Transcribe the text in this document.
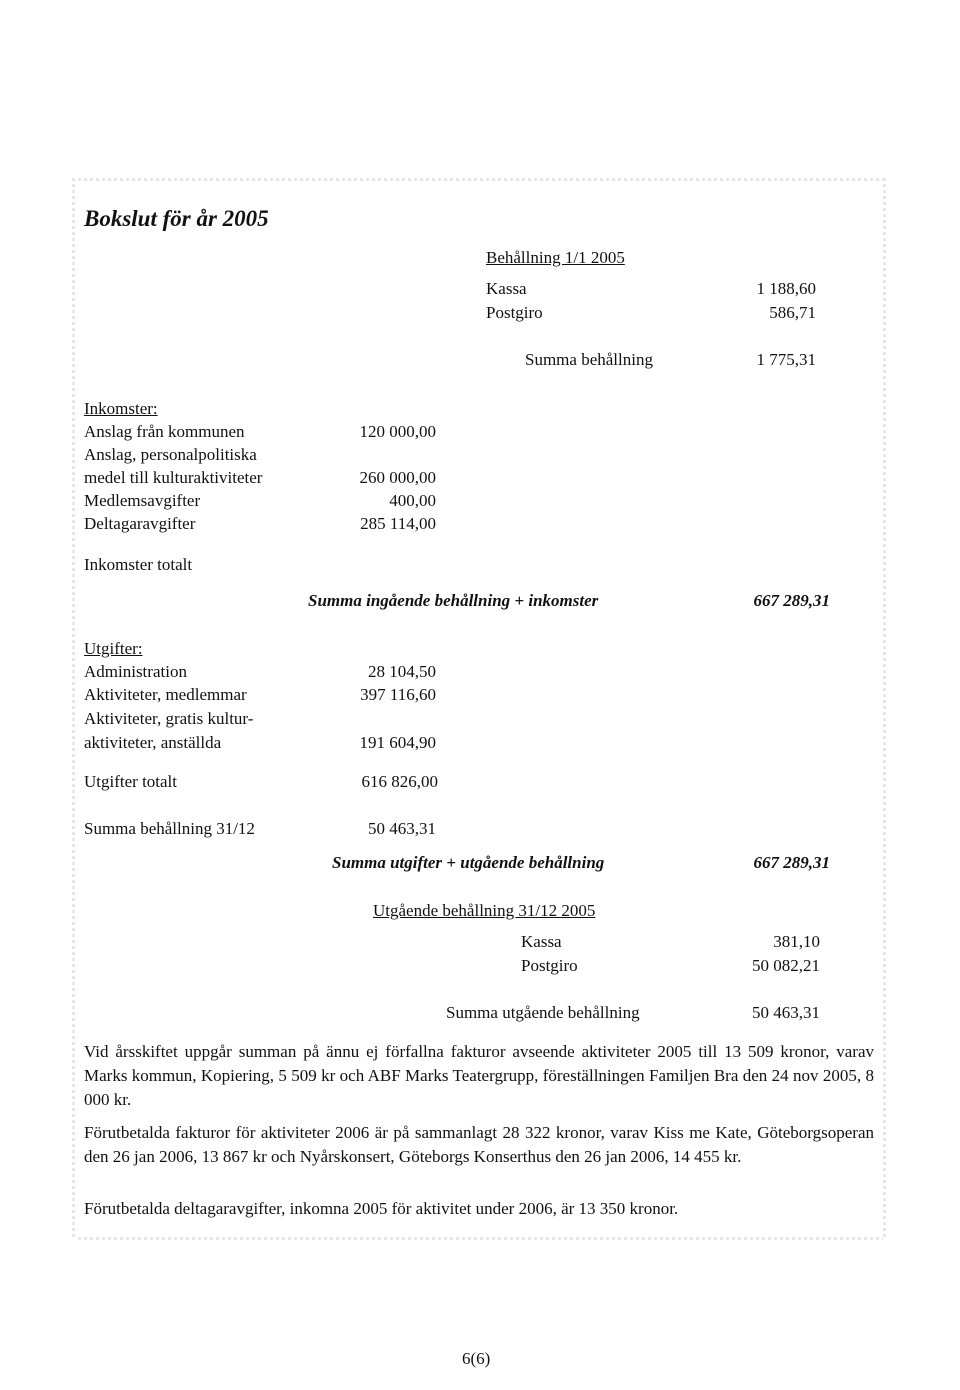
Bokslut för år 2005
Behållning 1/1 2005
Kassa	1 188,60
Postgiro	586,71
Summa behållning	1 775,31
Inkomster:
Anslag från kommunen	120 000,00
Anslag, personalpolitiska
medel till kulturaktiviteter	260 000,00
Medlemsavgifter	400,00
Deltagaravgifter	285 114,00
Inkomster totalt
Summa ingående behållning + inkomster	667 289,31
Utgifter:
Administration	28 104,50
Aktiviteter, medlemmar	397 116,60
Aktiviteter, gratis kultur-
aktiviteter, anställda	191 604,90
Utgifter totalt	616 826,00
Summa behållning 31/12	50 463,31
Summa utgifter + utgående behållning	667 289,31
Utgående behållning 31/12 2005
Kassa	381,10
Postgiro	50 082,21
Summa utgående behållning	50 463,31
Vid årsskiftet uppgår summan på ännu ej förfallna fakturor avseende aktiviteter 2005 till 13 509 kronor, varav Marks kommun, Kopiering, 5 509 kr och ABF Marks Teatergrupp, föreställningen Familjen Bra den 24 nov 2005, 8 000 kr.
Förutbetalda fakturor för aktiviteter 2006 är på sammanlagt 28 322 kronor, varav Kiss me Kate, Göteborgsoperan den 26 jan 2006, 13 867 kr och Nyårskonsert, Göteborgs Konserthus den 26 jan 2006, 14 455 kr.
Förutbetalda deltagaravgifter, inkomna 2005 för aktivitet under 2006, är 13 350 kronor.
6(6)
